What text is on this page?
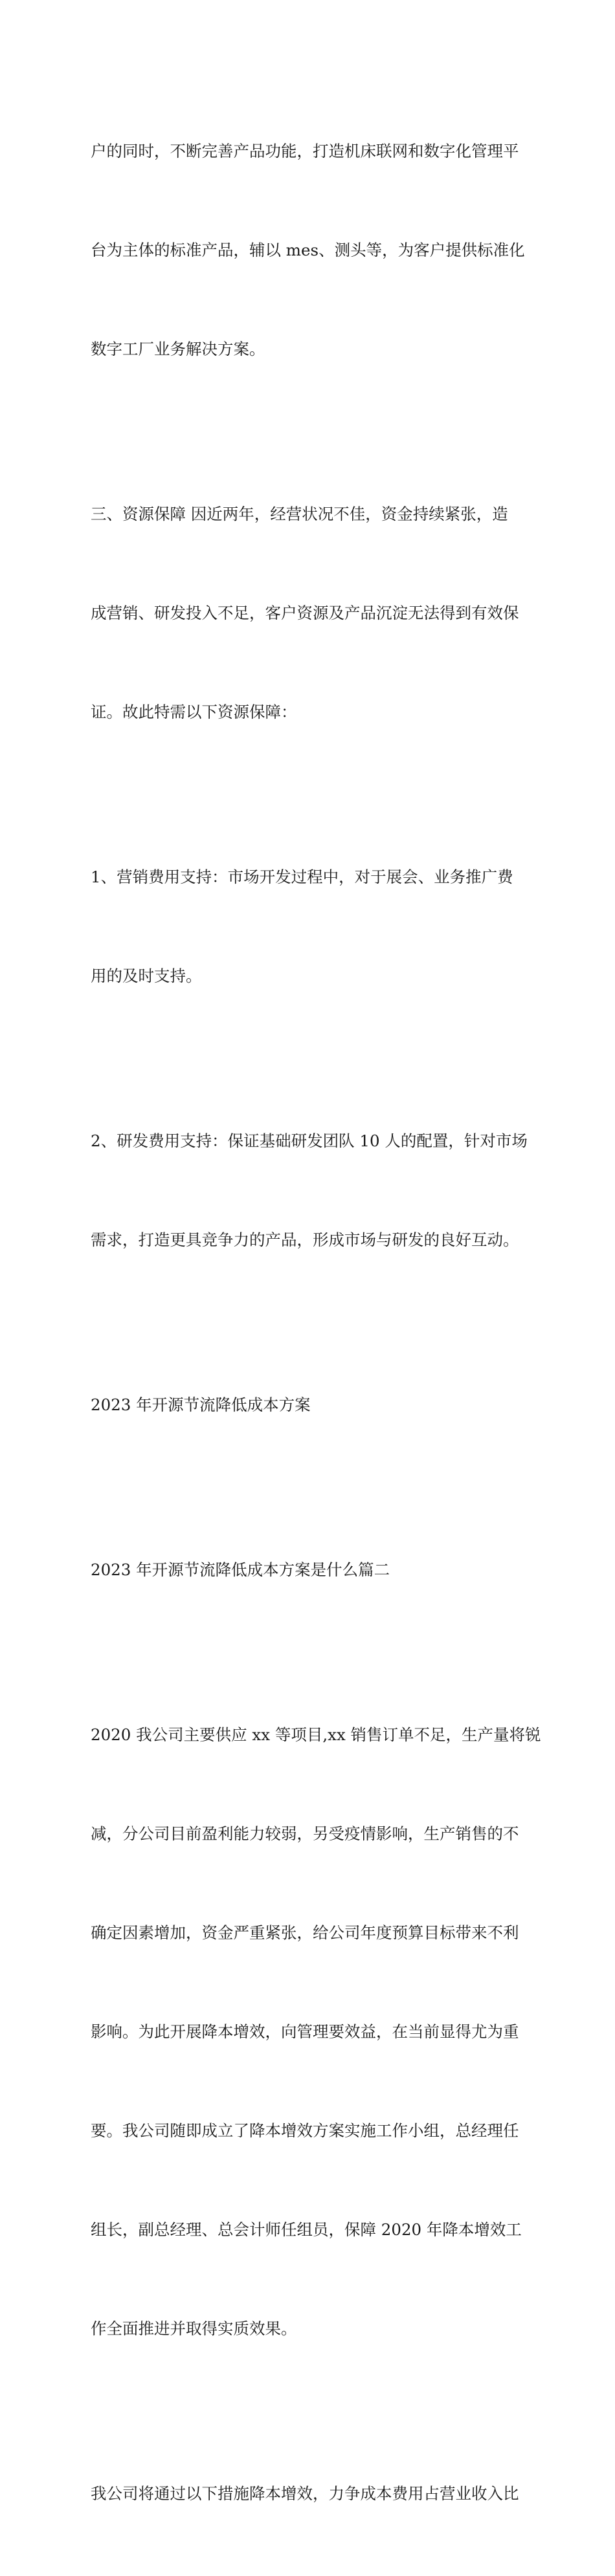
户的同时，不断完善产品功能，打造机床联网和数字化管理平

台为主体的标准产品，辅以 mes、测头等，为客户提供标准化

数字工厂业务解决方案。

三、资源保障 因近两年，经营状况不佳，资金持续紧张，造

成营销、研发投入不足，客户资源及产品沉淀无法得到有效保

证。故此特需以下资源保障：

1、营销费用支持：市场开发过程中，对于展会、业务推广费

用的及时支持。

2、研发费用支持：保证基础研发团队 10 人的配置，针对市场

需求，打造更具竞争力的产品，形成市场与研发的良好互动。

2023 年开源节流降低成本方案

2023 年开源节流降低成本方案是什么篇二

2020 我公司主要供应 xx 等项目,xx 销售订单不足，生产量将锐

减，分公司目前盈利能力较弱，另受疫情影响，生产销售的不

确定因素增加，资金严重紧张，给公司年度预算目标带来不利

影响。为此开展降本增效，向管理要效益，在当前显得尤为重

要。我公司随即成立了降本增效方案实施工作小组，总经理任

组长，副总经理、总会计师任组员，保障 2020 年降本增效工

作全面推进并取得实质效果。

我公司将通过以下措施降本增效，力争成本费用占营业收入比
